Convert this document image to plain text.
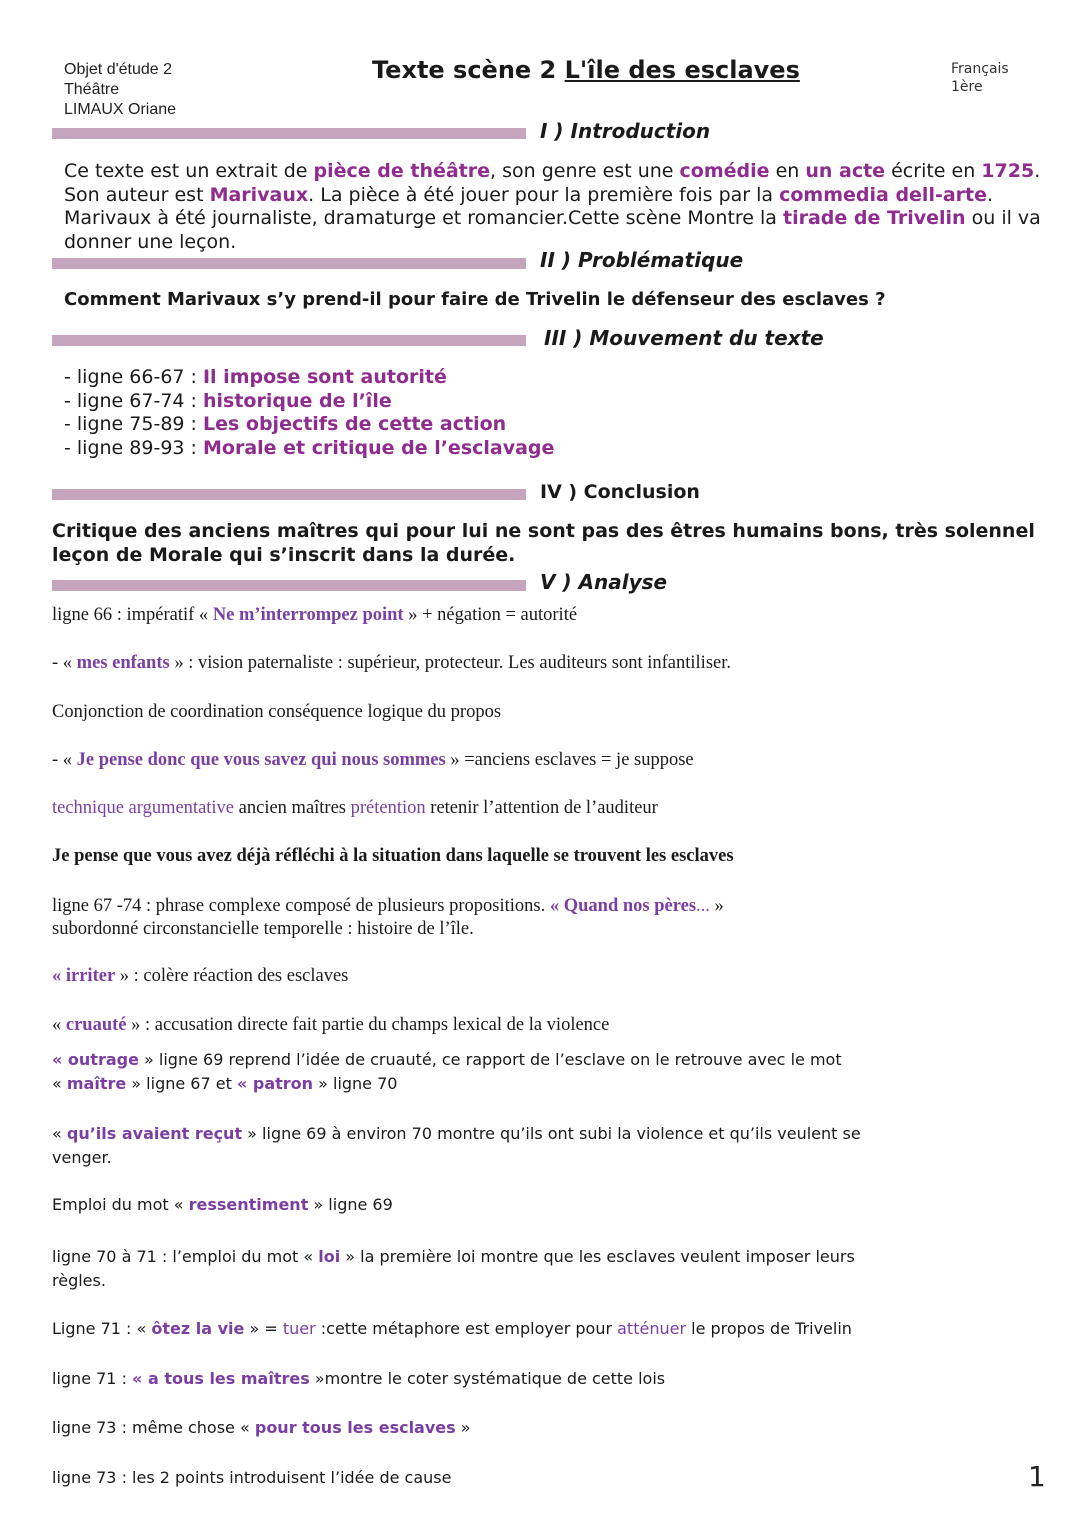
Objet d'étude 2
Théâtre
LIMAUX Oriane
Texte scène 2 L'île des esclaves	Français
1ère
I ) Introduction
Ce texte est un extrait de pièce de théâtre, son genre est une comédie en un acte écrite en 1725. Son auteur est Marivaux. La pièce à été jouer pour la première fois par la commedia dell-arte. Marivaux à été journaliste, dramaturge et romancier.Cette scène Montre la tirade de Trivelin ou il va donner une leçon.
II ) Problématique
Comment Marivaux s’y prend-il pour faire de Trivelin le défenseur des esclaves ?
III ) Mouvement du texte
- ligne 66-67 : Il impose sont autorité
- ligne 67-74 : historique de l’île
- ligne 75-89 : Les objectifs de cette action
- ligne 89-93 : Morale et critique de l’esclavage
IV ) Conclusion
Critique des anciens maîtres qui pour lui ne sont pas des êtres humains bons, très solennel leçon de Morale qui s’inscrit dans la durée.
V ) Analyse
ligne 66 : impératif « Ne m’interrompez point » + négation = autorité
- « mes enfants » : vision paternaliste : supérieur, protecteur. Les auditeurs sont infantiliser.
Conjonction de coordination conséquence logique du propos
- « Je pense donc que vous savez qui nous sommes » =anciens esclaves = je suppose
technique argumentative ancien maîtres prétention retenir l’attention de l’auditeur
Je pense que vous avez déjà réfléchi à la situation dans laquelle se trouvent les esclaves
ligne 67 -74 : phrase complexe composé de plusieurs propositions. « Quand nos pères... »
subordonné circonstancielle temporelle : histoire de l’île.
« irriter » : colère réaction des esclaves
« cruauté » : accusation directe fait partie du champs lexical de la violence
« outrage » ligne 69 reprend l’idée de cruauté, ce rapport de l’esclave on le retrouve avec le mot
« maître » ligne 67 et « patron » ligne 70
« qu’ils avaient reçut » ligne 69 à environ 70 montre qu’ils ont subi la violence et qu’ils veulent se
venger.
Emploi du mot « ressentiment » ligne 69
ligne 70 à 71 : l’emploi du mot « loi » la première loi montre que les esclaves veulent imposer leurs
règles.
Ligne 71 : « ôtez la vie » = tuer :cette métaphore est employer pour atténuer le propos de Trivelin
ligne 71 : « a tous les maîtres »montre le coter systématique de cette lois
ligne 73 : même chose « pour tous les esclaves »
ligne 73 : les 2 points introduisent l’idée de cause	1
